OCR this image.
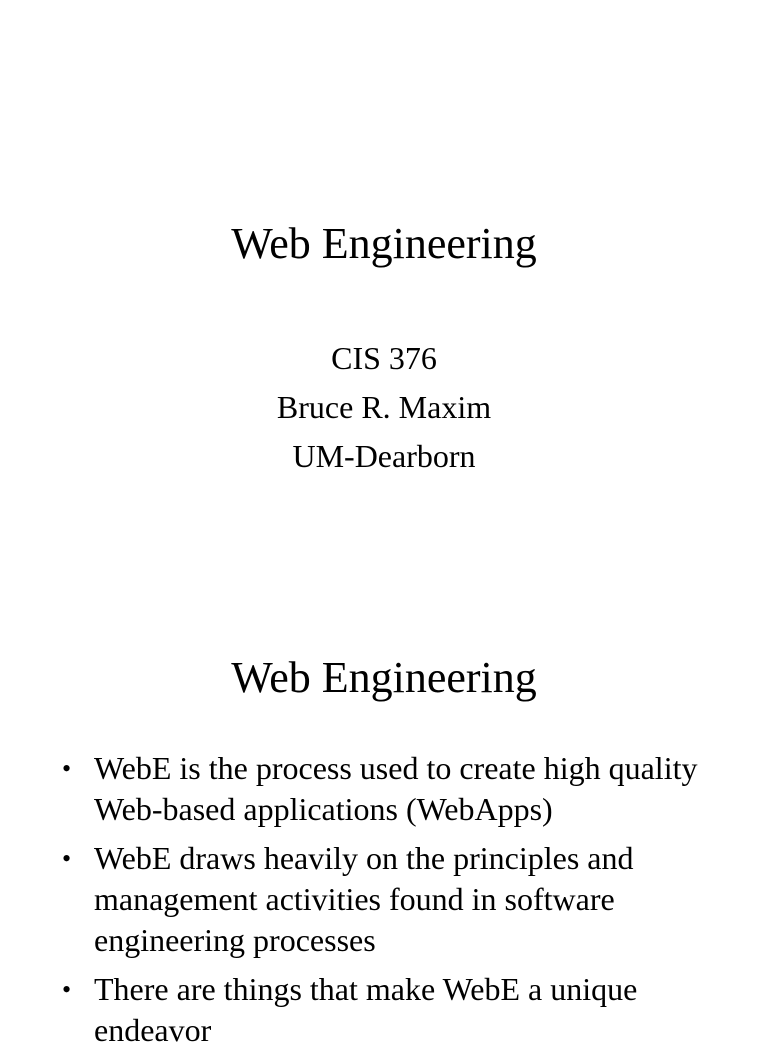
Web Engineering
CIS 376
Bruce R. Maxim
UM-Dearborn
Web Engineering
• WebE is the process used to create high quality Web-based applications (WebApps)
• WebE draws heavily on the principles and management activities found in software engineering processes
• There are things that make WebE a unique endeavor
